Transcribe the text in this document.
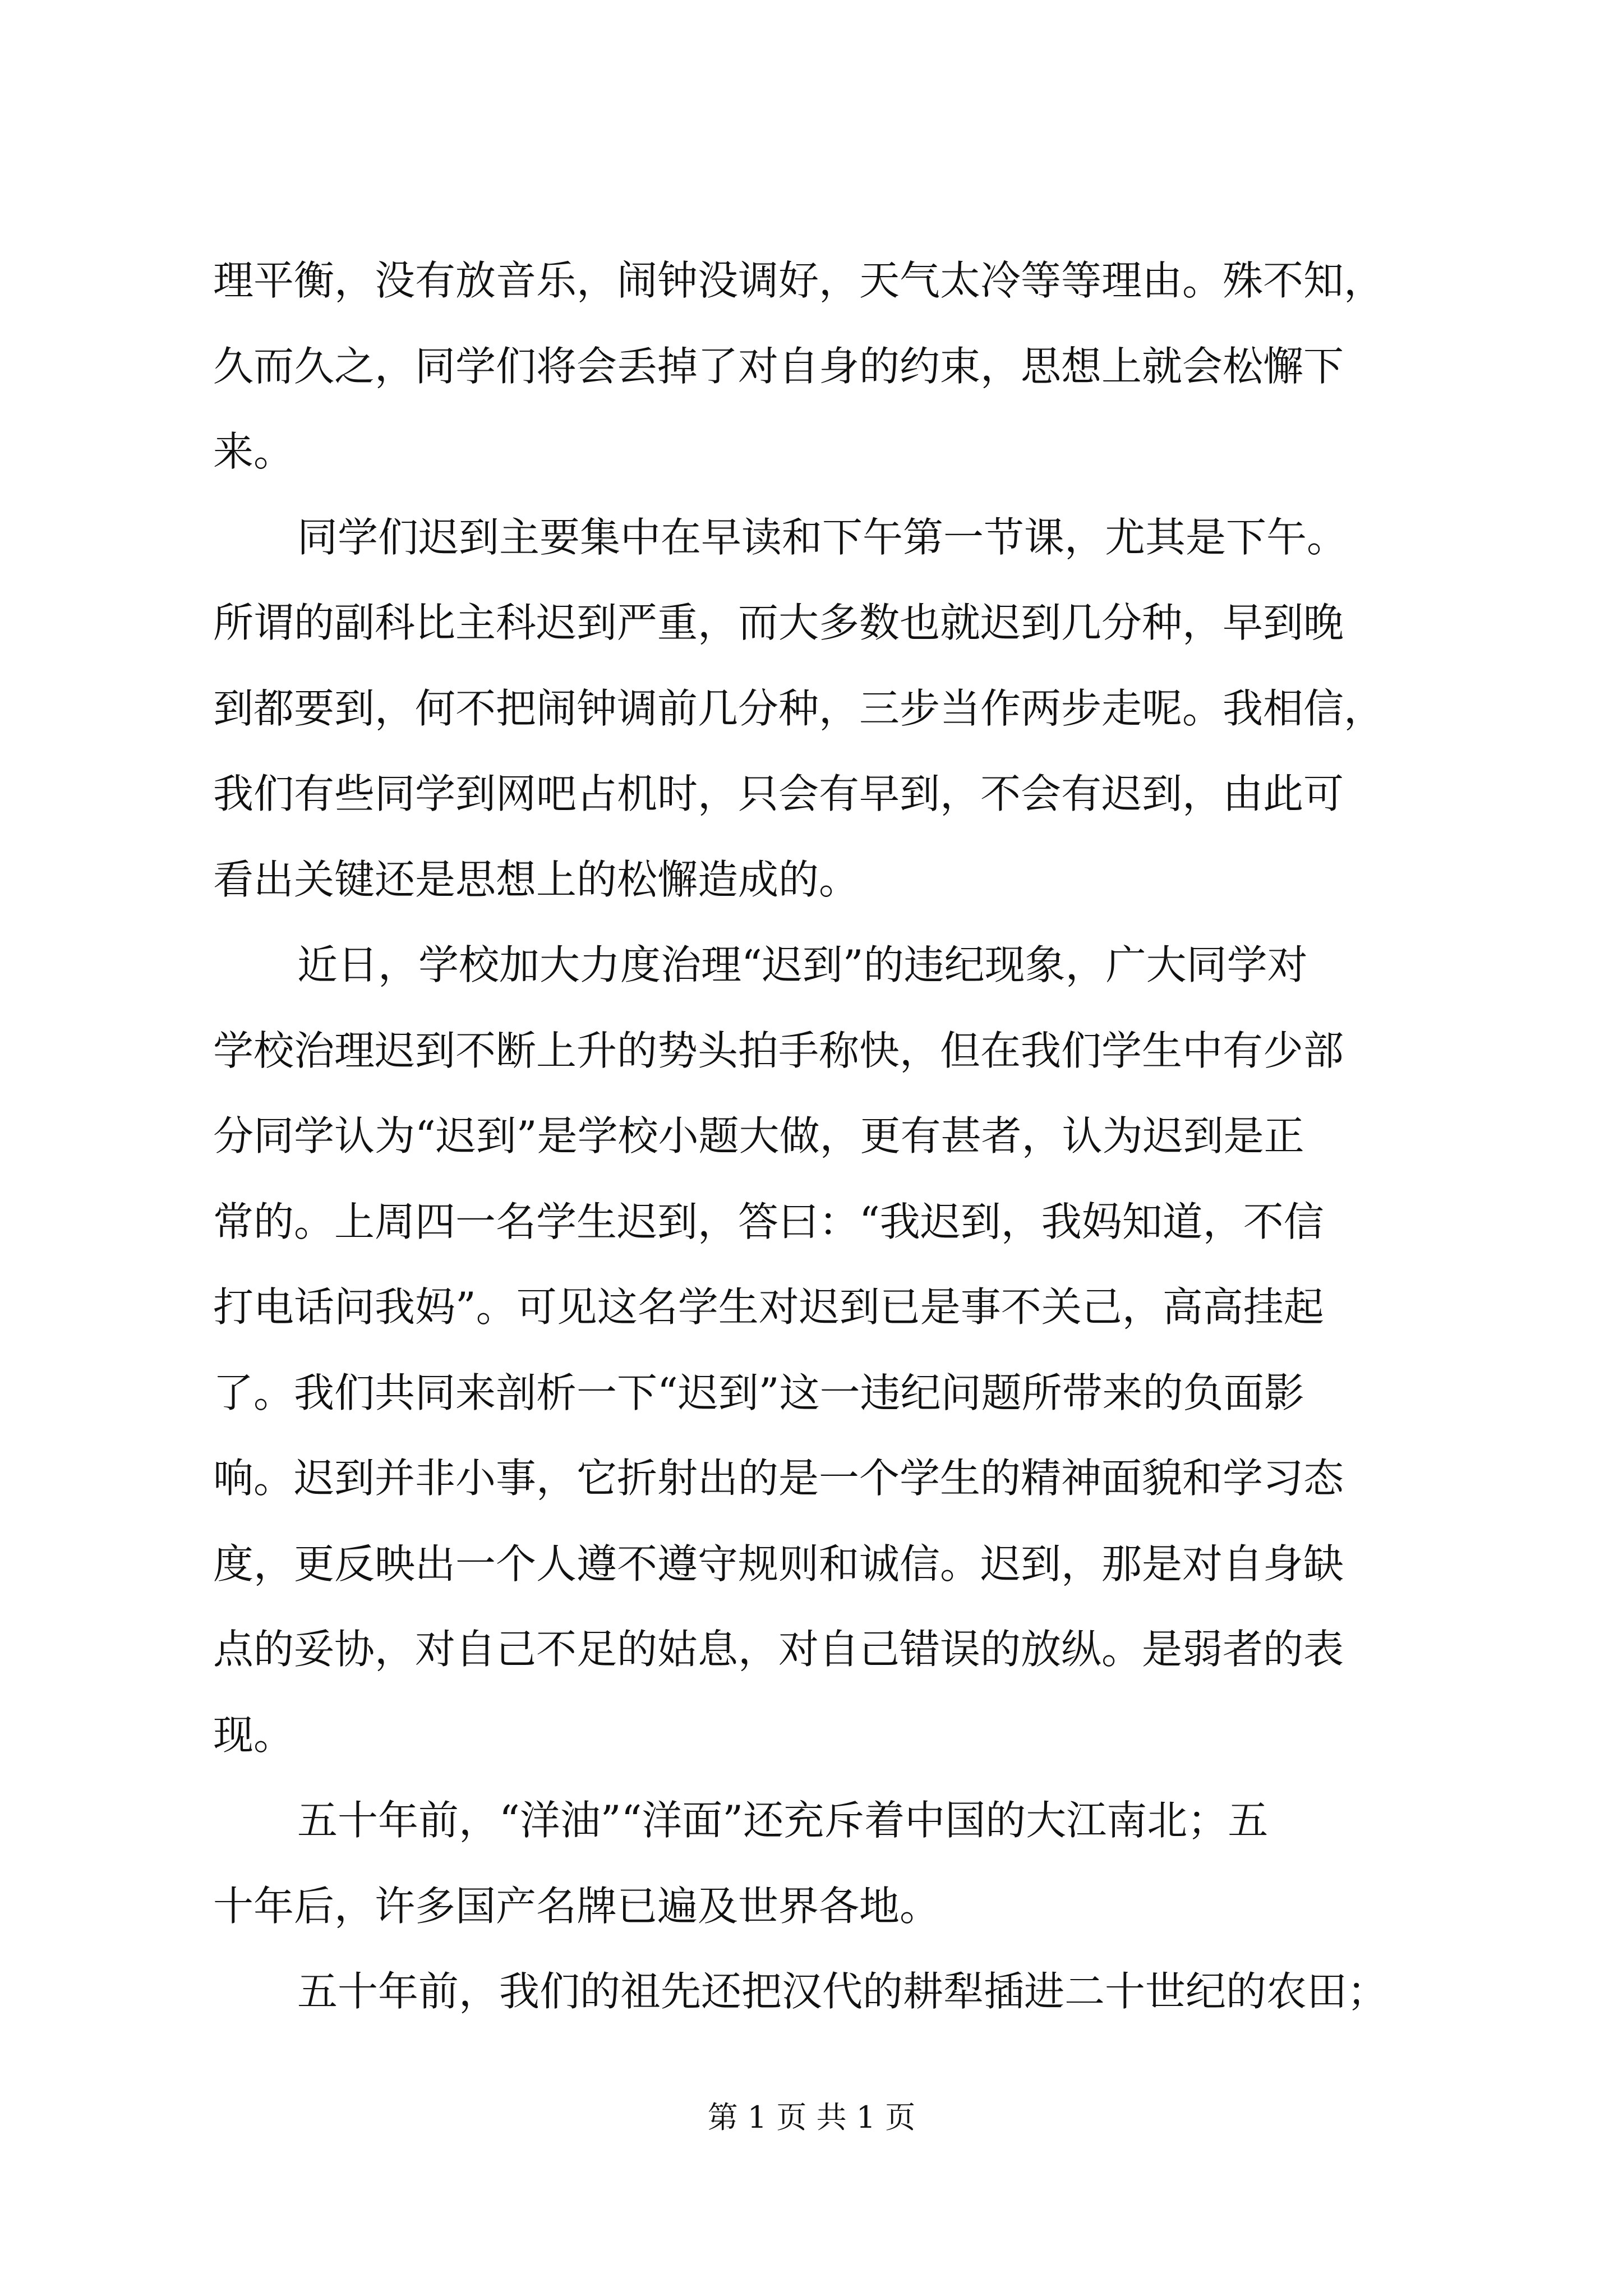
理平衡，没有放音乐，闹钟没调好，天气太冷等等理由。殊不知，
久而久之，同学们将会丢掉了对自身的约束，思想上就会松懈下
来。
同学们迟到主要集中在早读和下午第一节课，尤其是下午。
所谓的副科比主科迟到严重，而大多数也就迟到几分种，早到晚
到都要到，何不把闹钟调前几分种，三步当作两步走呢。我相信，
我们有些同学到网吧占机时，只会有早到，不会有迟到，由此可
看出关键还是思想上的松懈造成的。
近日，学校加大力度治理“迟到”的违纪现象，广大同学对
学校治理迟到不断上升的势头拍手称快，但在我们学生中有少部
分同学认为“迟到”是学校小题大做，更有甚者，认为迟到是正
常的。上周四一名学生迟到，答曰：“我迟到，我妈知道，不信
打电话问我妈”。可见这名学生对迟到已是事不关己，高高挂起
了。我们共同来剖析一下“迟到”这一违纪问题所带来的负面影
响。迟到并非小事，它折射出的是一个学生的精神面貌和学习态
度，更反映出一个人遵不遵守规则和诚信。迟到，那是对自身缺
点的妥协，对自己不足的姑息，对自己错误的放纵。是弱者的表
现。
五十年前，“洋油”“洋面”还充斥着中国的大江南北；五
十年后，许多国产名牌已遍及世界各地。
五十年前，我们的祖先还把汉代的耕犁插进二十世纪的农田；
第 1 页 共 1 页
